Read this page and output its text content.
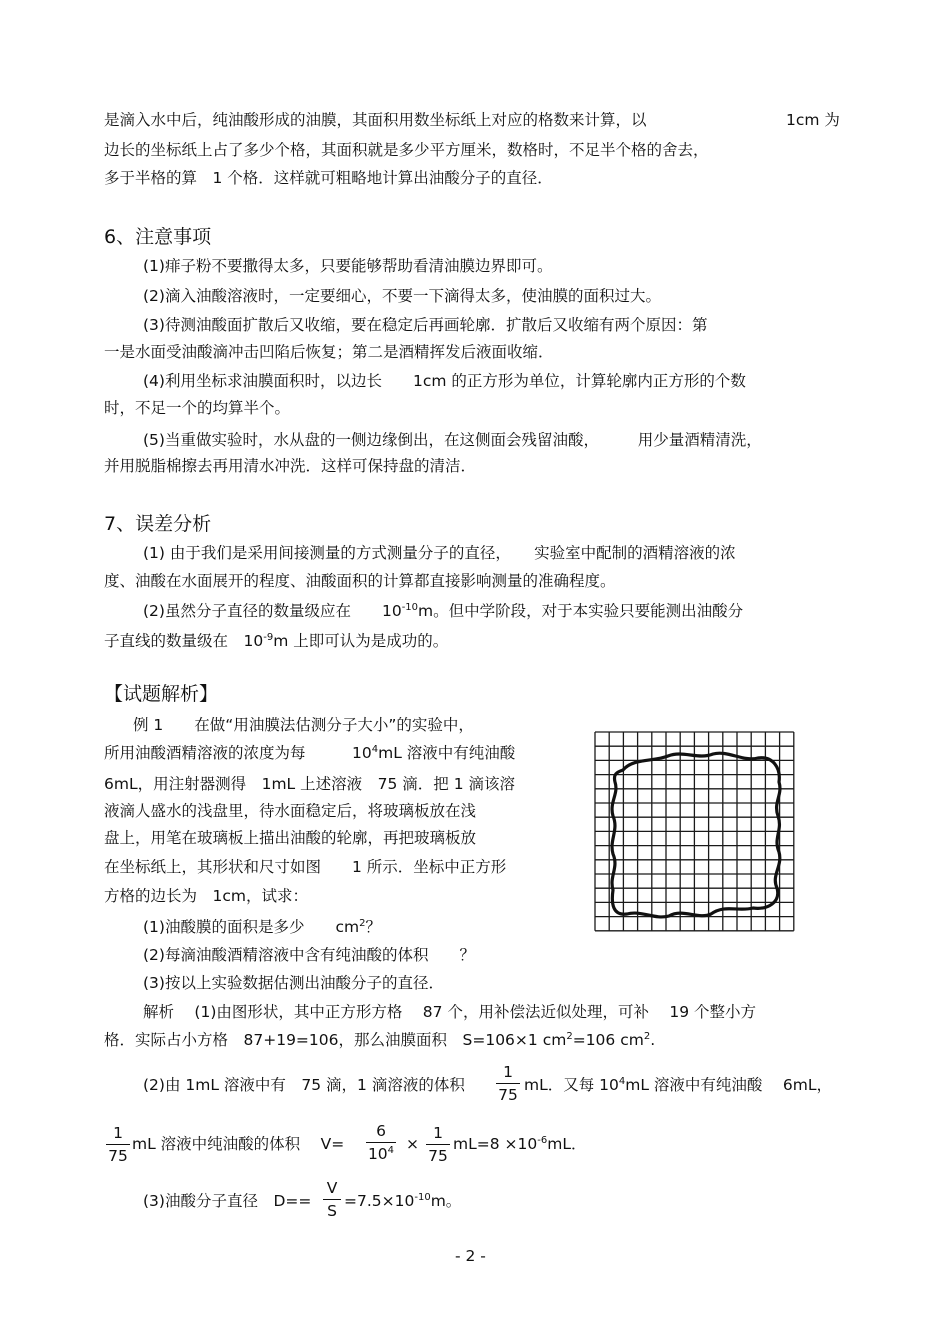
是滴入水中后，纯油酸形成的油膜，其面积用数坐标纸上对应的格数来计算，以	1cm 为
边长的坐标纸上占了多少个格，其面积就是多少平方厘米，数格时，不足半个格的舍去，
多于半格的算　1 个格．这样就可粗略地计算出油酸分子的直径．
6、注意事项
(1)痱子粉不要撒得太多，只要能够帮助看清油膜边界即可。
(2)滴入油酸溶液时，一定要细心，不要一下滴得太多，使油膜的面积过大。
(3)待测油酸面扩散后又收缩，要在稳定后再画轮廓．扩散后又收缩有两个原因：第
一是水面受油酸滴冲击凹陷后恢复；第二是酒精挥发后液面收缩．
(4)利用坐标求油膜面积时，以边长　　1cm 的正方形为单位，计算轮廓内正方形的个数
时，不足一个的均算半个。
(5)当重做实验时，水从盘的一侧边缘倒出，在这侧面会残留油酸，　　　用少量酒精清洗，
并用脱脂棉擦去再用清水冲洗．这样可保持盘的清洁．
7、误差分析
(1) 由于我们是采用间接测量的方式测量分子的直径，　　实验室中配制的酒精溶液的浓
度、油酸在水面展开的程度、油酸面积的计算都直接影响测量的准确程度。
(2)虽然分子直径的数量级应在　　$10^{-10}m$。但中学阶段，对于本实验只要能测出油酸分
子直线的数量级在　$10^{-9}m$ 上即可认为是成功的。
【试题解析】
例 1　　在做“用油膜法估测分子大小”的实验中，
所用油酸酒精溶液的浓度为每　　　$10^4mL$ 溶液中有纯油酸
6mL，用注射器测得　1mL 上述溶液　75 滴．把 1 滴该溶
液滴人盛水的浅盘里，待水面稳定后，将玻璃板放在浅
盘上，用笔在玻璃板上描出油酸的轮廓，再把玻璃板放
在坐标纸上，其形状和尺寸如图　　1 所示．坐标中正方形
方格的边长为　1cm，试求：
(1)油酸膜的面积是多少　　$cm^2$？
(2)每滴油酸酒精溶液中含有纯油酸的体积　　？
(3)按以上实验数据估测出油酸分子的直径．
解析　 (1)由图形状，其中正方形方格　 87 个，用补偿法近似处理，可补　 19 个整小方
格．实际占小方格　87+19=106，那么油膜面积　S=106×1 $cm^2=106$ $cm^2$.
(2)由 1mL 溶液中有　75 滴，1 滴溶液的体积
1
75
mL．又每 $10^4mL$ 溶液中有纯油酸　 6mL，
1
75
mL 溶液中纯油酸的体积　 V=
6
$10^4$ ×
1
75
$mL=8 \times 10^{-6}mL$．
(3)油酸分子直径　D==
V
S
$=7.5\times 10^{-10}m$。
- 2 -
